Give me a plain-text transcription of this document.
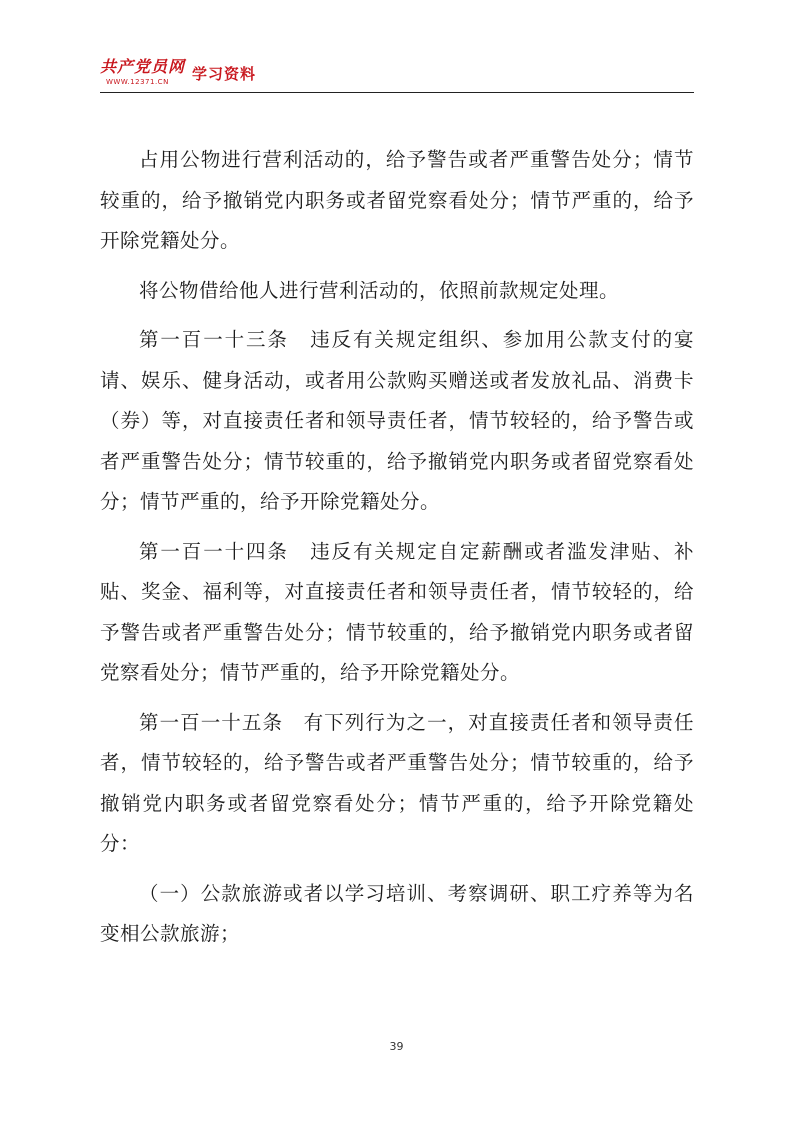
共产党员网
WWW.12371.CN 学习资料

占用公物进行营利活动的，给予警告或者严重警告处分；情节较重的，给予撤销党内职务或者留党察看处分；情节严重的，给予开除党籍处分。

将公物借给他人进行营利活动的，依照前款规定处理。

第一百一十三条　违反有关规定组织、参加用公款支付的宴请、娱乐、健身活动，或者用公款购买赠送或者发放礼品、消费卡（券）等，对直接责任者和领导责任者，情节较轻的，给予警告或者严重警告处分；情节较重的，给予撤销党内职务或者留党察看处分；情节严重的，给予开除党籍处分。

第一百一十四条　违反有关规定自定薪酬或者滥发津贴、补贴、奖金、福利等，对直接责任者和领导责任者，情节较轻的，给予警告或者严重警告处分；情节较重的，给予撤销党内职务或者留党察看处分；情节严重的，给予开除党籍处分。

第一百一十五条　有下列行为之一，对直接责任者和领导责任者，情节较轻的，给予警告或者严重警告处分；情节较重的，给予撤销党内职务或者留党察看处分；情节严重的，给予开除党籍处分：

（一）公款旅游或者以学习培训、考察调研、职工疗养等为名变相公款旅游；

39
